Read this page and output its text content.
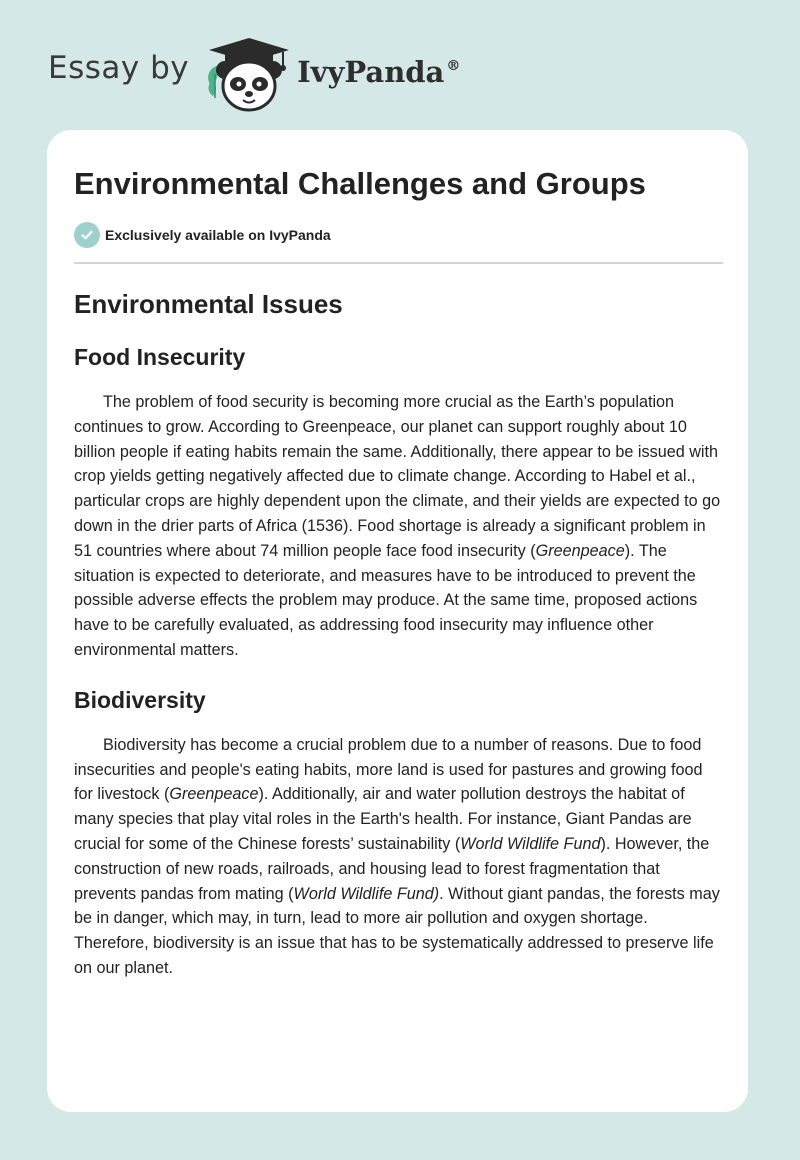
Essay by	IvyPanda ®
Environmental Challenges and Groups
Exclusively available on IvyPanda
Environmental Issues
Food Insecurity

The problem of food security is becoming more crucial as the Earth’s population continues to grow. According to Greenpeace, our planet can support roughly about 10 billion people if eating habits remain the same. Additionally, there appear to be issued with crop yields getting negatively affected due to climate change. According to Habel et al., particular crops are highly dependent upon the climate, and their yields are expected to go down in the drier parts of Africa (1536). Food shortage is already a significant problem in 51 countries where about 74 million people face food insecurity (Greenpeace). The situation is expected to deteriorate, and measures have to be introduced to prevent the possible adverse effects the problem may produce. At the same time, proposed actions have to be carefully evaluated, as addressing food insecurity may influence other environmental matters.

Biodiversity

Biodiversity has become a crucial problem due to a number of reasons. Due to food insecurities and people's eating habits, more land is used for pastures and growing food for livestock (Greenpeace). Additionally, air and water pollution destroys the habitat of many species that play vital roles in the Earth's health. For instance, Giant Pandas are crucial for some of the Chinese forests’ sustainability (World Wildlife Fund). However, the construction of new roads, railroads, and housing lead to forest fragmentation that prevents pandas from mating (World Wildlife Fund). Without giant pandas, the forests may be in danger, which may, in turn, lead to more air pollution and oxygen shortage. Therefore, biodiversity is an issue that has to be systematically addressed to preserve life on our planet.
